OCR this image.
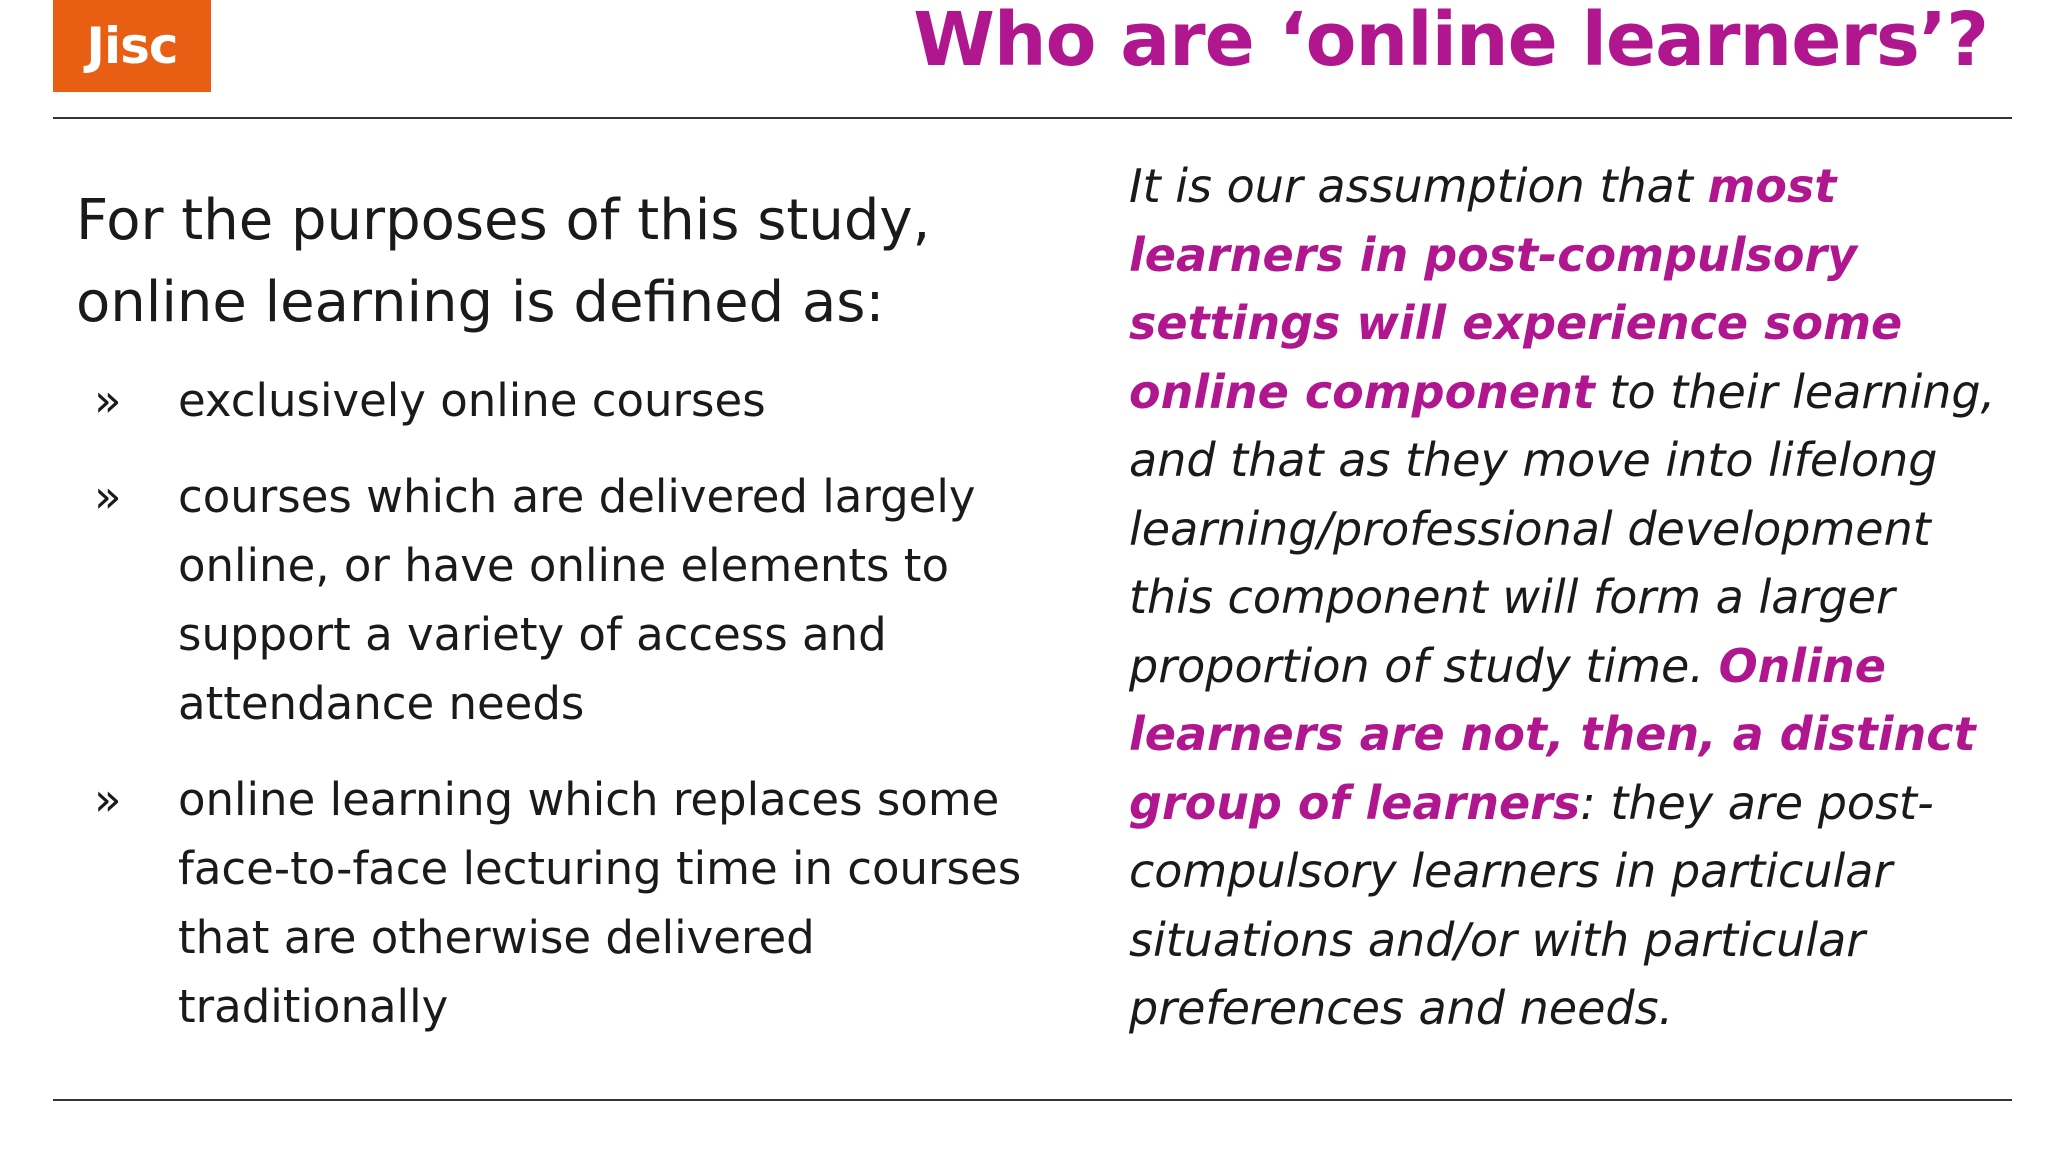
Jisc	Who are ‘online learners’?

For the purposes of this study,
online learning is defined as:

» exclusively online courses
» courses which are delivered largely online, or have online elements to support a variety of access and attendance needs
» online learning which replaces some face-to-face lecturing time in courses that are otherwise delivered traditionally
It is our assumption that most learners in post-compulsory settings will experience some online component to their learning, and that as they move into lifelong learning/professional development this component will form a larger proportion of study time. Online learners are not, then, a distinct group of learners: they are post-compulsory learners in particular situations and/or with particular preferences and needs.
